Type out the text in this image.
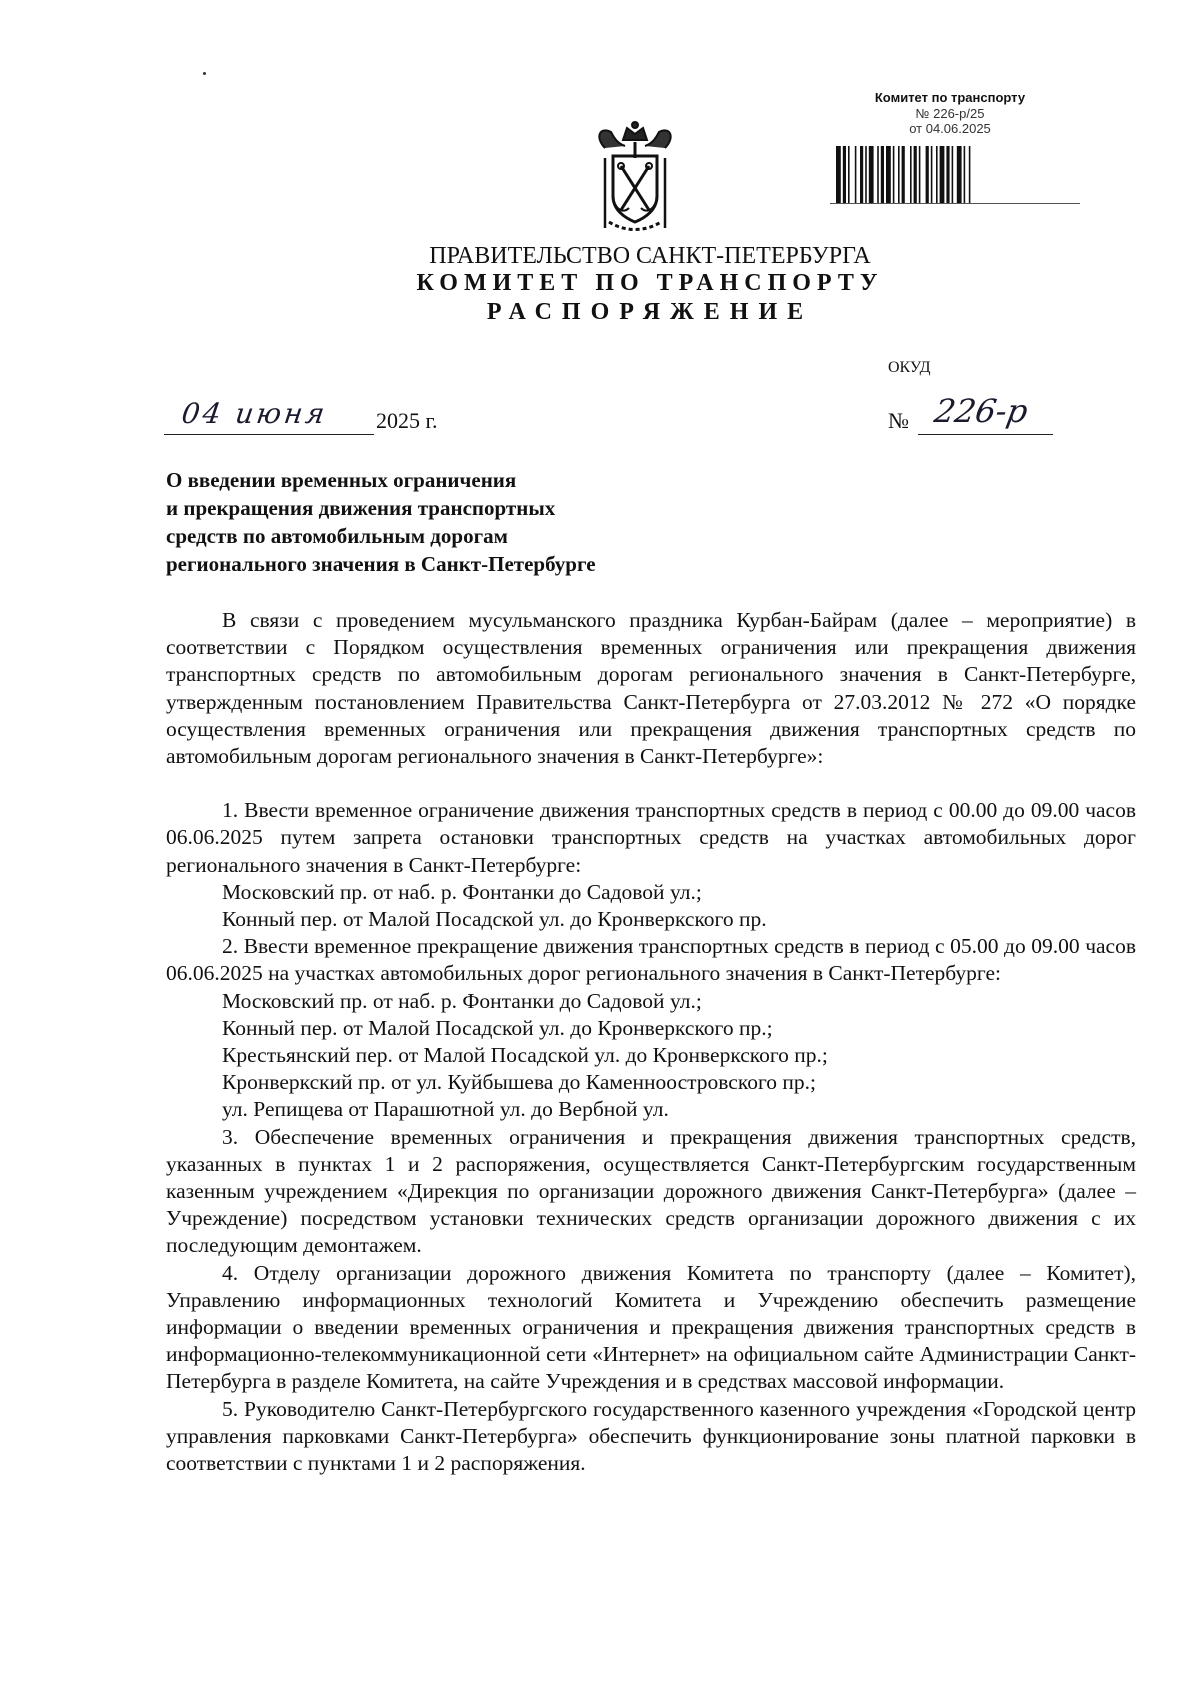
Комитет по транспорту
№ 226-р/25
от 04.06.2025
ПРАВИТЕЛЬСТВО САНКТ-ПЕТЕРБУРГА
КОМИТЕТ ПО ТРАНСПОРТУ
РАСПОРЯЖЕНИЕ
ОКУД
04 июня 2025 г.	№ 226-р
О введении временных ограничения
и прекращения движения транспортных
средств по автомобильным дорогам
регионального значения в Санкт-Петербурге

В связи с проведением мусульманского праздника Курбан-Байрам (далее – мероприятие) в соответствии с Порядком осуществления временных ограничения или прекращения движения транспортных средств по автомобильным дорогам регионального значения в Санкт-Петербурге, утвержденным постановлением Правительства Санкт-Петербурга от 27.03.2012 № 272 «О порядке осуществления временных ограничения или прекращения движения транспортных средств по автомобильным дорогам регионального значения в Санкт-Петербурге»:

1. Ввести временное ограничение движения транспортных средств в период с 00.00 до 09.00 часов 06.06.2025 путем запрета остановки транспортных средств на участках автомобильных дорог регионального значения в Санкт-Петербурге:

Московский пр. от наб. р. Фонтанки до Садовой ул.;

Конный пер. от Малой Посадской ул. до Кронверкского пр.

2. Ввести временное прекращение движения транспортных средств в период с 05.00 до 09.00 часов 06.06.2025 на участках автомобильных дорог регионального значения в Санкт-Петербурге:

Московский пр. от наб. р. Фонтанки до Садовой ул.;

Конный пер. от Малой Посадской ул. до Кронверкского пр.;

Крестьянский пер. от Малой Посадской ул. до Кронверкского пр.;

Кронверкский пр. от ул. Куйбышева до Каменноостровского пр.;

ул. Репищева от Парашютной ул. до Вербной ул.

3. Обеспечение временных ограничения и прекращения движения транспортных средств, указанных в пунктах 1 и 2 распоряжения, осуществляется Санкт-Петербургским государственным казенным учреждением «Дирекция по организации дорожного движения Санкт-Петербурга» (далее – Учреждение) посредством установки технических средств организации дорожного движения с их последующим демонтажем.

4. Отделу организации дорожного движения Комитета по транспорту (далее – Комитет), Управлению информационных технологий Комитета и Учреждению обеспечить размещение информации о введении временных ограничения и прекращения движения транспортных средств в информационно-телекоммуникационной сети «Интернет» на официальном сайте Администрации Санкт-Петербурга в разделе Комитета, на сайте Учреждения и в средствах массовой информации.

5. Руководителю Санкт-Петербургского государственного казенного учреждения «Городской центр управления парковками Санкт-Петербурга» обеспечить функционирование зоны платной парковки в соответствии с пунктами 1 и 2 распоряжения.
